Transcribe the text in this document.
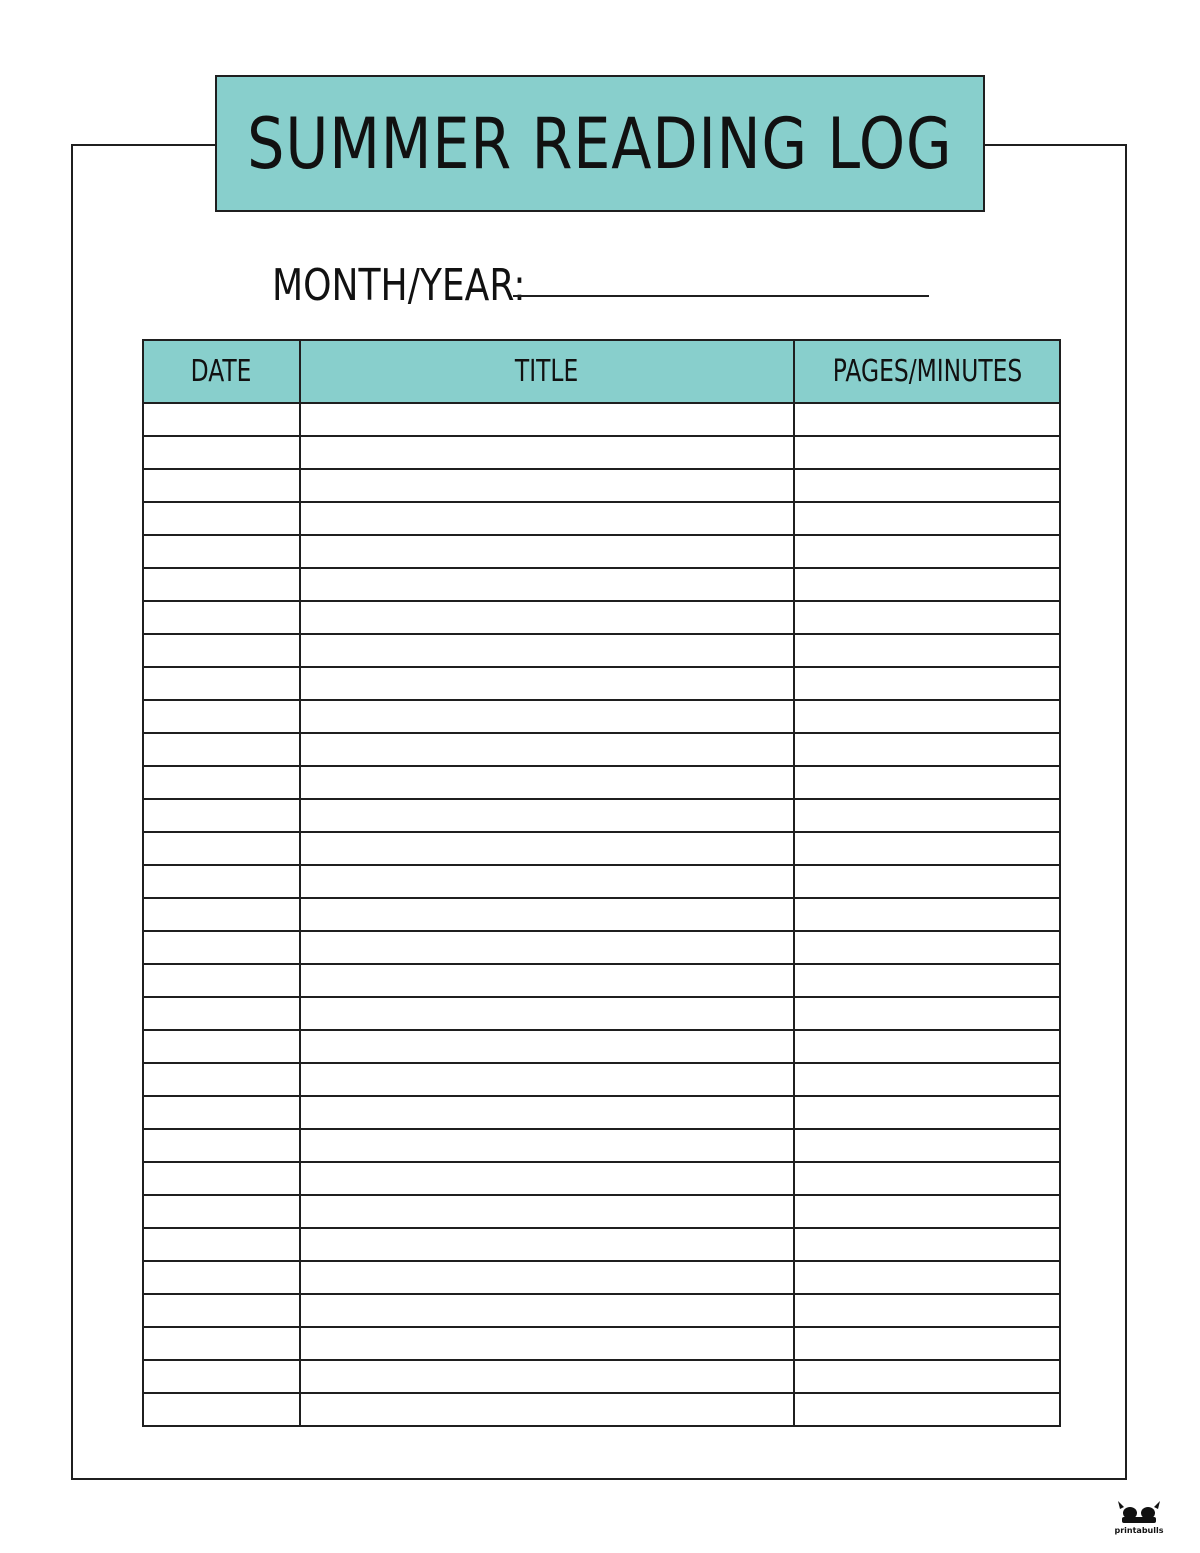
SUMMER READING LOG
MONTH/YEAR:
DATE	TITLE	PAGES/MINUTES

printabulls
